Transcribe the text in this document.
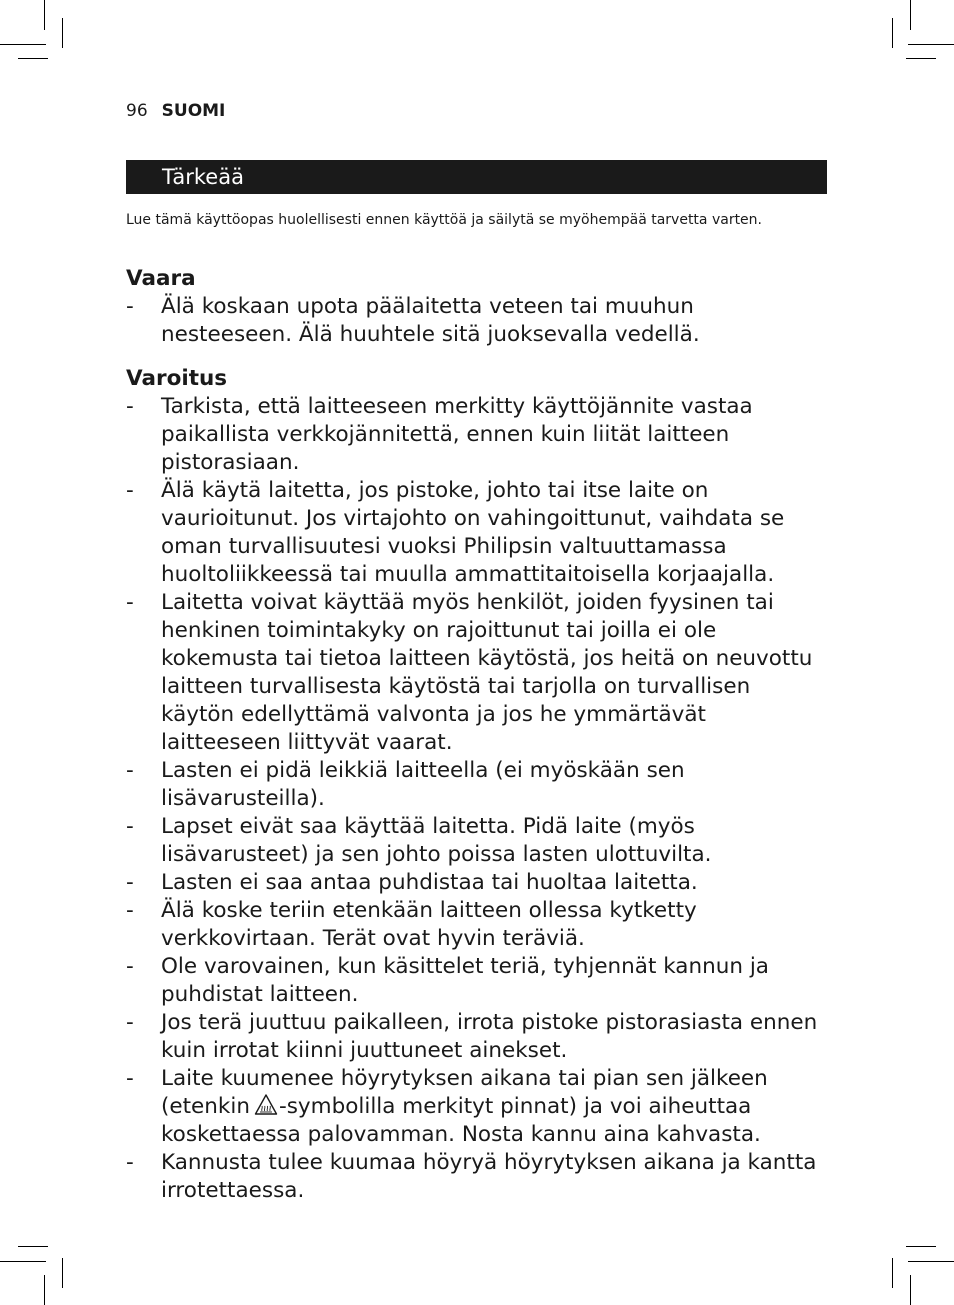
96 SUOMI
Tärkeää
Lue tämä käyttöopas huolellisesti ennen käyttöä ja säilytä se myöhempää tarvetta varten.
Vaara
- Älä koskaan upota päälaitetta veteen tai muuhun nesteeseen. Älä huuhtele sitä juoksevalla vedellä.
Varoitus
- Tarkista, että laitteeseen merkitty käyttöjännite vastaa paikallista verkkojännitettä, ennen kuin liität laitteen pistorasiaan.
- Älä käytä laitetta, jos pistoke, johto tai itse laite on vaurioitunut. Jos virtajohto on vahingoittunut, vaihdata se oman turvallisuutesi vuoksi Philipsin valtuuttamassa huoltoliikkeessä tai muulla ammattitaitoisella korjaajalla.
- Laitetta voivat käyttää myös henkilöt, joiden fyysinen tai henkinen toimintakyky on rajoittunut tai joilla ei ole kokemusta tai tietoa laitteen käytöstä, jos heitä on neuvottu laitteen turvallisesta käytöstä tai tarjolla on turvallisen käytön edellyttämä valvonta ja jos he ymmärtävät laitteeseen liittyvät vaarat.
- Lasten ei pidä leikkiä laitteella (ei myöskään sen lisävarusteilla).
- Lapset eivät saa käyttää laitetta. Pidä laite (myös lisävarusteet) ja sen johto poissa lasten ulottuvilta.
- Lasten ei saa antaa puhdistaa tai huoltaa laitetta.
- Älä koske teriin etenkään laitteen ollessa kytketty verkkovirtaan. Terät ovat hyvin teräviä.
- Ole varovainen, kun käsittelet teriä, tyhjennät kannun ja puhdistat laitteen.
- Jos terä juuttuu paikalleen, irrota pistoke pistorasiasta ennen kuin irrotat kiinni juuttuneet ainekset.
- Laite kuumenee höyrytyksen aikana tai pian sen jälkeen (etenkin -symbolilla merkityt pinnat) ja voi aiheuttaa koskettaessa palovamman. Nosta kannu aina kahvasta.
- Kannusta tulee kuumaa höyryä höyrytyksen aikana ja kantta irrotettaessa.
